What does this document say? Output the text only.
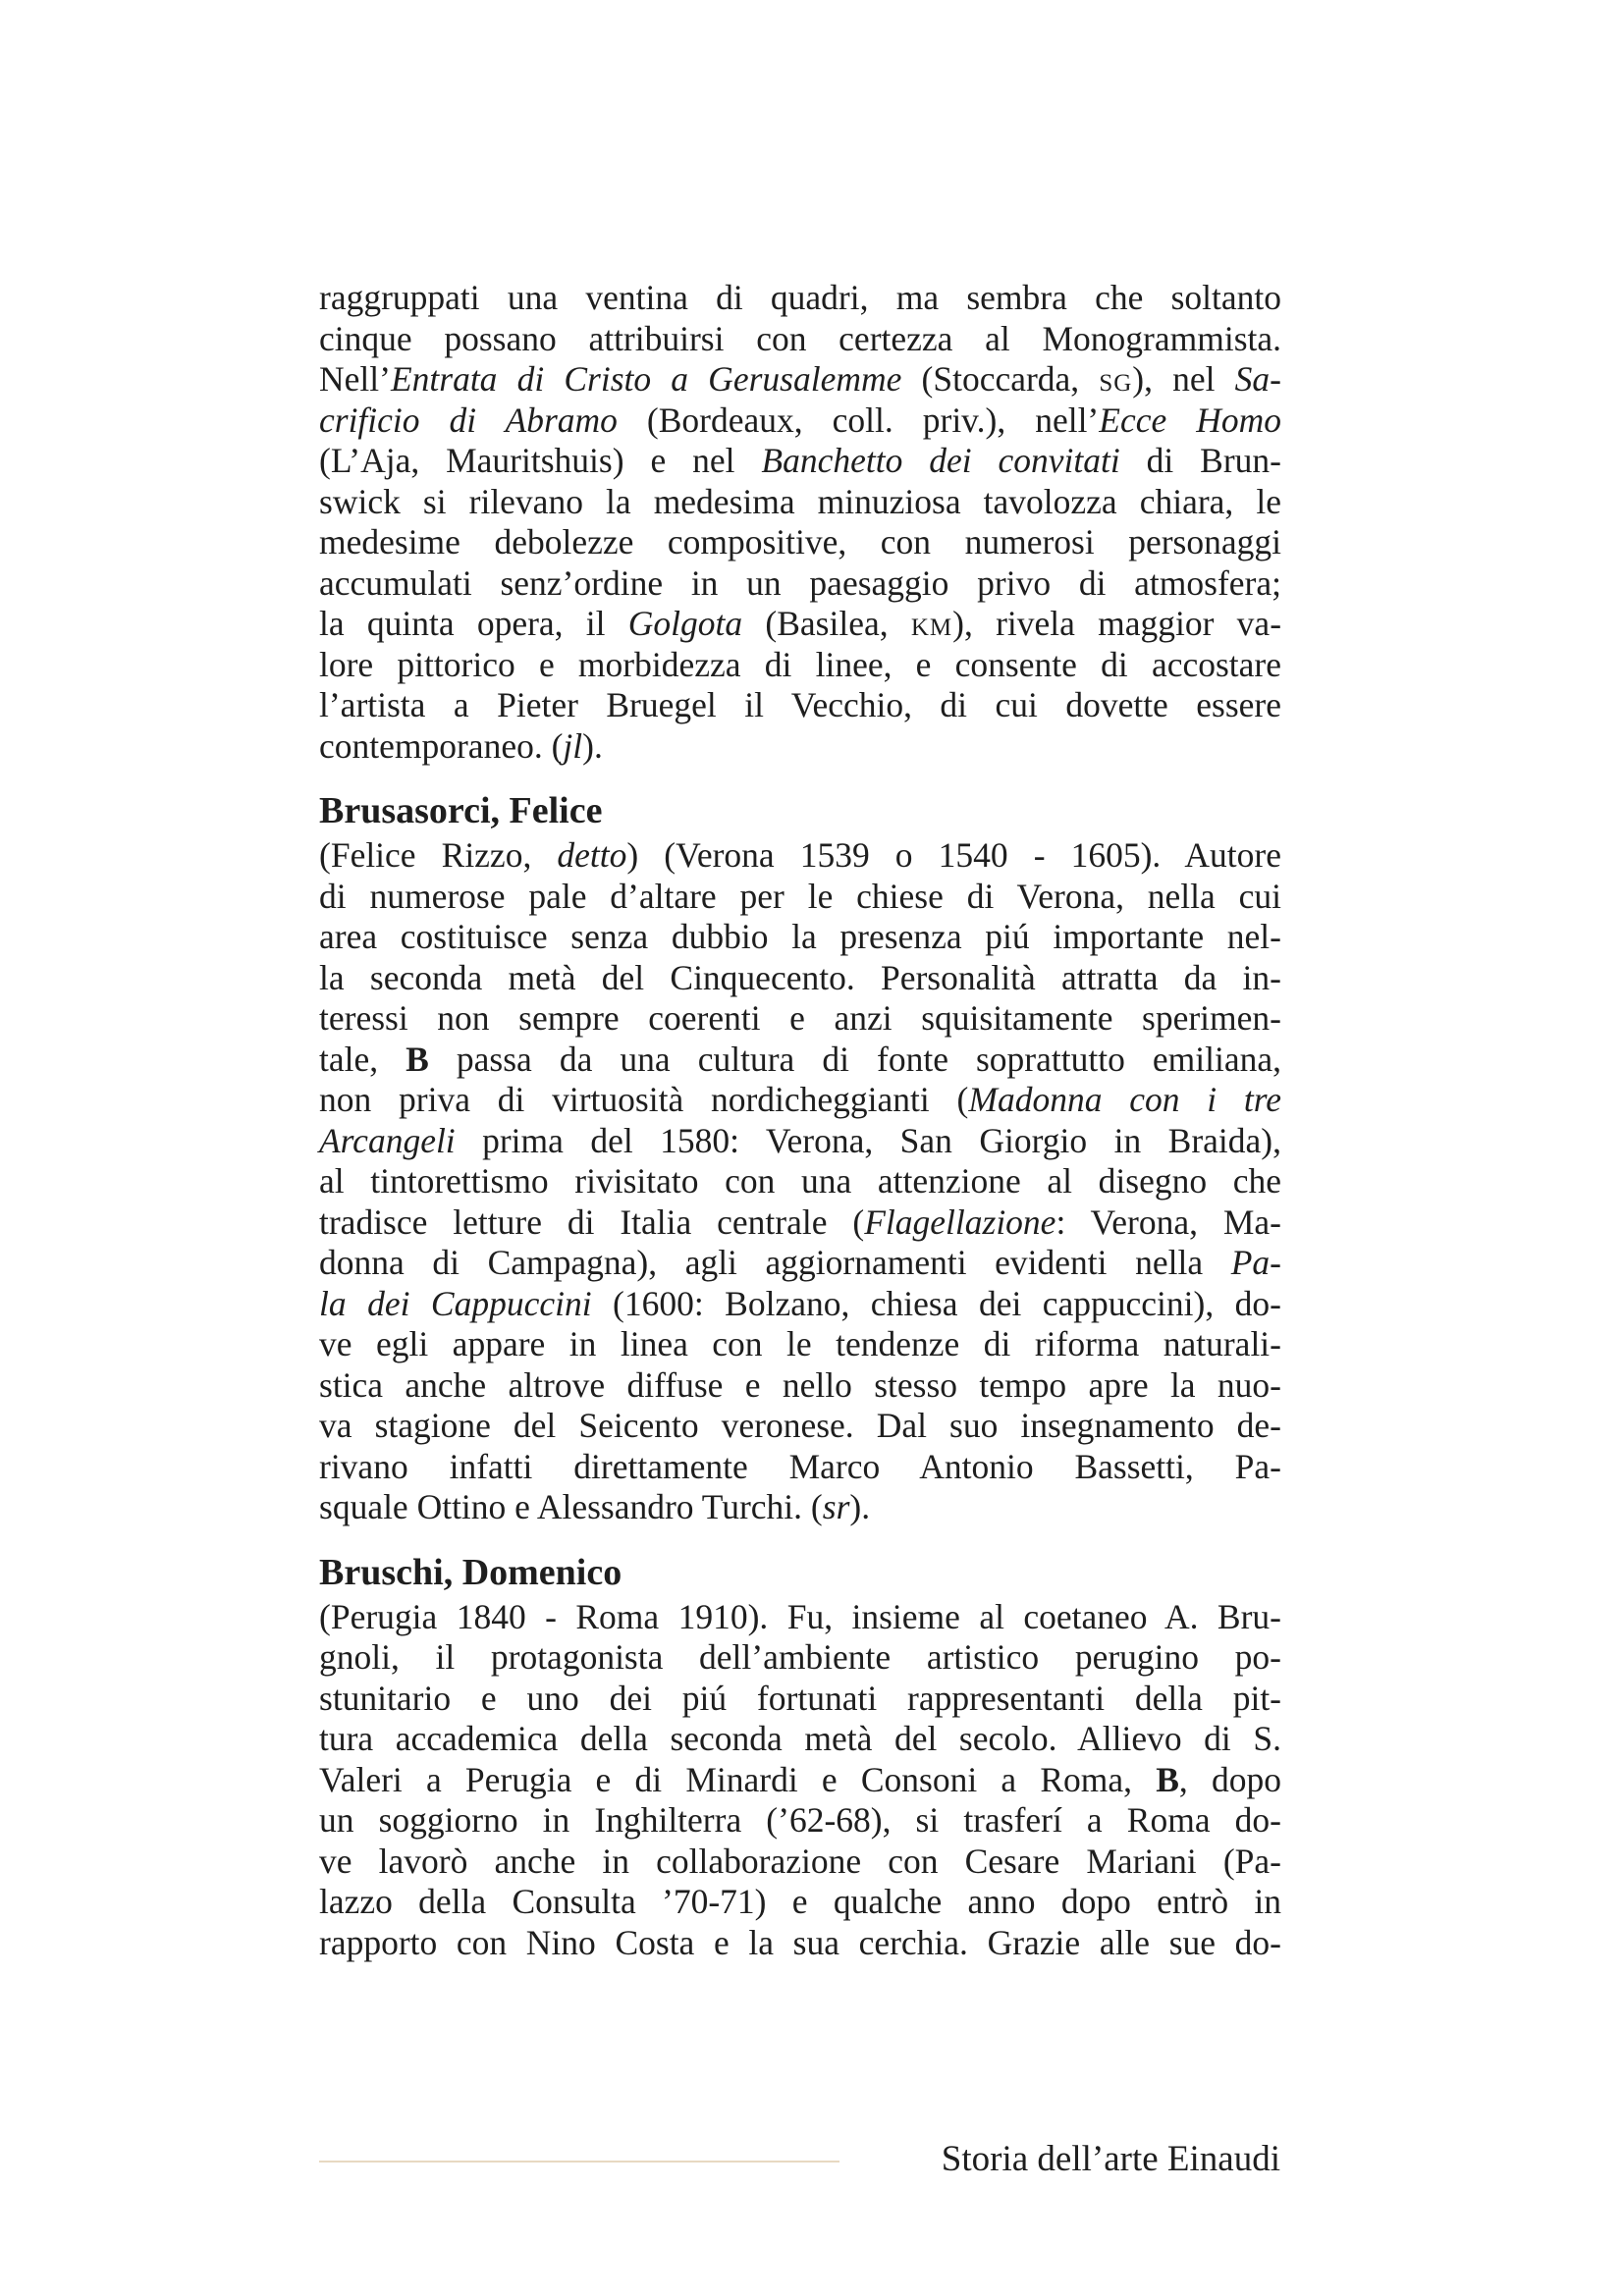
raggruppati una ventina di quadri, ma sembra che soltanto
cinque possano attribuirsi con certezza al Monogrammista.
Nell’Entrata di Cristo a Gerusalemme (Stoccarda, sg), nel Sa-
crificio di Abramo (Bordeaux, coll. priv.), nell’Ecce Homo
(L’Aja, Mauritshuis) e nel Banchetto dei convitati di Brun-
swick si rilevano la medesima minuziosa tavolozza chiara, le
medesime debolezze compositive, con numerosi personaggi
accumulati senz’ordine in un paesaggio privo di atmosfera;
la quinta opera, il Golgota (Basilea, km), rivela maggior va-
lore pittorico e morbidezza di linee, e consente di accostare
l’artista a Pieter Bruegel il Vecchio, di cui dovette essere
contemporaneo. (jl).
Brusasorci, Felice
(Felice Rizzo, detto) (Verona 1539 o 1540 - 1605). Autore
di numerose pale d’altare per le chiese di Verona, nella cui
area costituisce senza dubbio la presenza piú importante nel-
la seconda metà del Cinquecento. Personalità attratta da in-
teressi non sempre coerenti e anzi squisitamente sperimen-
tale, B passa da una cultura di fonte soprattutto emiliana,
non priva di virtuosità nordicheggianti (Madonna con i tre
Arcangeli prima del 1580: Verona, San Giorgio in Braida),
al tintorettismo rivisitato con una attenzione al disegno che
tradisce letture di Italia centrale (Flagellazione: Verona, Ma-
donna di Campagna), agli aggiornamenti evidenti nella Pa-
la dei Cappuccini (1600: Bolzano, chiesa dei cappuccini), do-
ve egli appare in linea con le tendenze di riforma naturali-
stica anche altrove diffuse e nello stesso tempo apre la nuo-
va stagione del Seicento veronese. Dal suo insegnamento de-
rivano infatti direttamente Marco Antonio Bassetti, Pa-
squale Ottino e Alessandro Turchi. (sr).
Bruschi, Domenico
(Perugia 1840 - Roma 1910). Fu, insieme al coetaneo A. Bru-
gnoli, il protagonista dell’ambiente artistico perugino po-
stunitario e uno dei piú fortunati rappresentanti della pit-
tura accademica della seconda metà del secolo. Allievo di S.
Valeri a Perugia e di Minardi e Consoni a Roma, B, dopo
un soggiorno in Inghilterra (’62-68), si trasferí a Roma do-
ve lavorò anche in collaborazione con Cesare Mariani (Pa-
lazzo della Consulta ’70-71) e qualche anno dopo entrò in
rapporto con Nino Costa e la sua cerchia. Grazie alle sue do-
Storia dell’arte Einaudi
